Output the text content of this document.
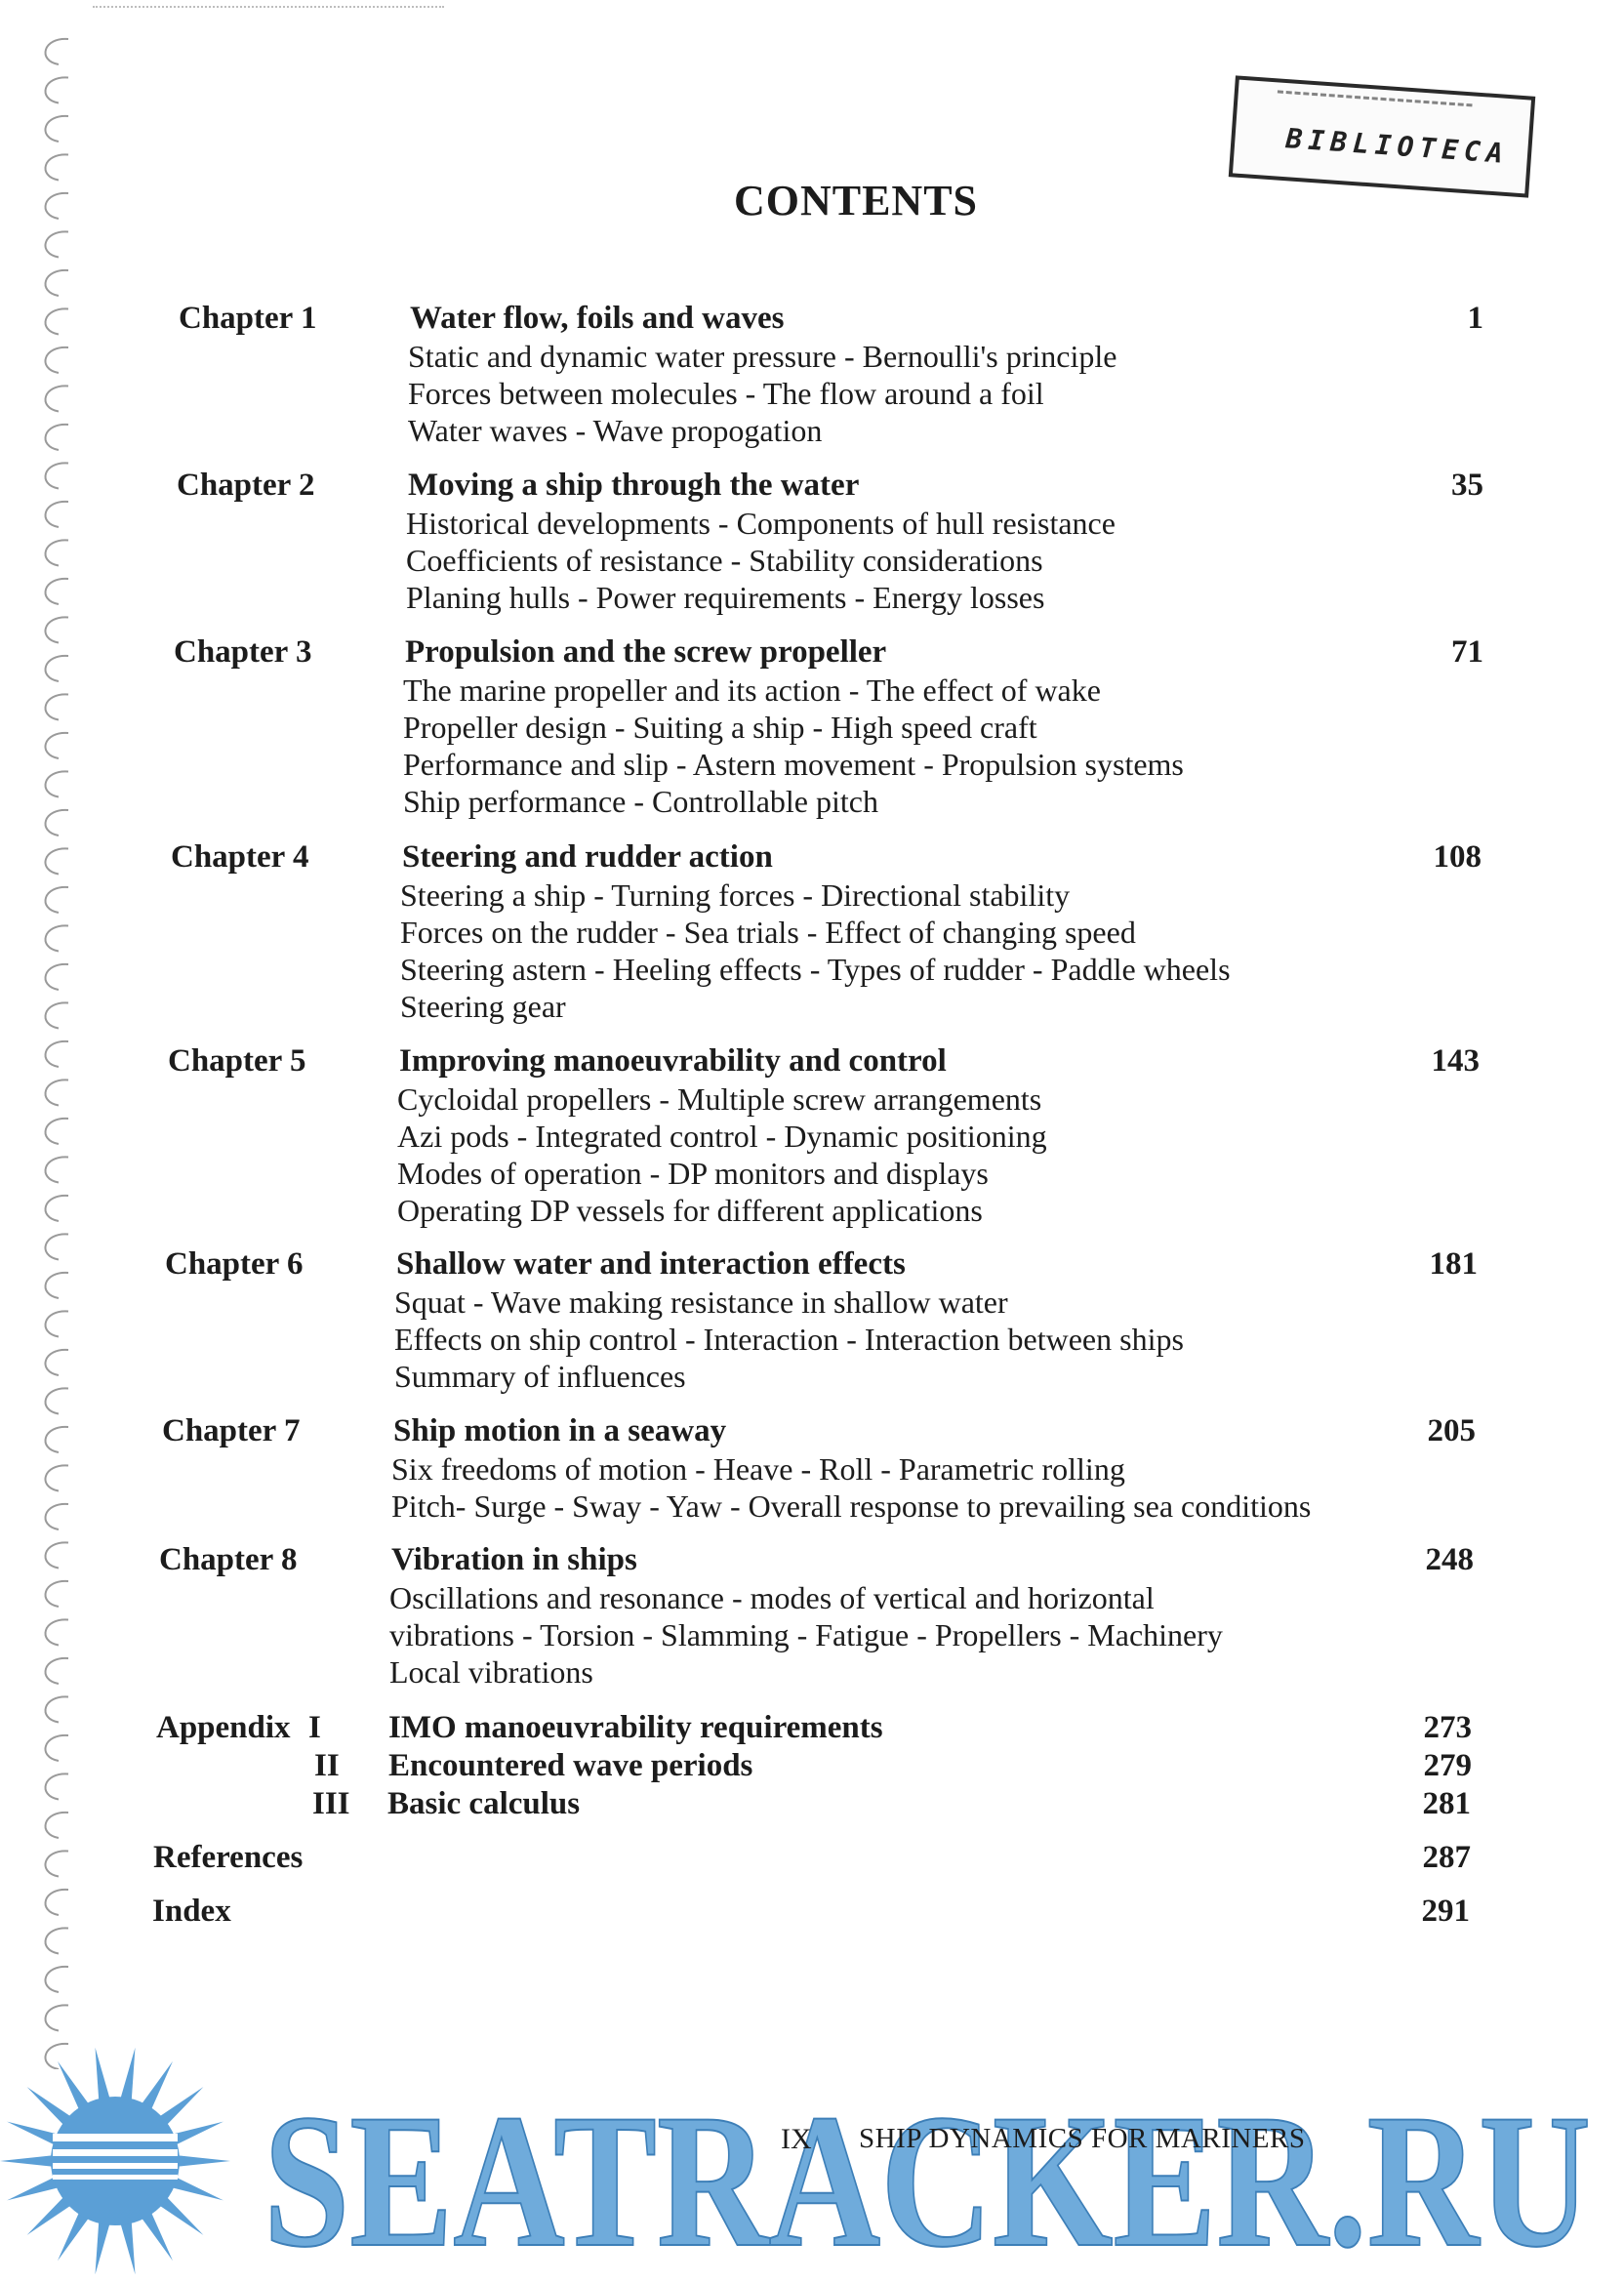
BIBLIOTECA
CONTENTS
Chapter 1	Water flow, foils and waves	1
Static and dynamic water pressure - Bernoulli's principle
Forces between molecules - The flow around a foil
Water waves - Wave propogation
Chapter 2	Moving a ship through the water	35
Historical developments - Components of hull resistance
Coefficients of resistance - Stability considerations
Planing hulls - Power requirements - Energy losses
Chapter 3	Propulsion and the screw propeller	71
The marine propeller and its action - The effect of wake
Propeller design - Suiting a ship - High speed craft
Performance and slip - Astern movement - Propulsion systems
Ship performance - Controllable pitch
Chapter 4	Steering and rudder action	108
Steering a ship - Turning forces - Directional stability
Forces on the rudder - Sea trials - Effect of changing speed
Steering astern - Heeling effects - Types of rudder - Paddle wheels
Steering gear
Chapter 5	Improving manoeuvrability and control	143
Cycloidal propellers - Multiple screw arrangements
Azi pods - Integrated control - Dynamic positioning
Modes of operation - DP monitors and displays
Operating DP vessels for different applications
Chapter 6	Shallow water and interaction effects	181
Squat - Wave making resistance in shallow water
Effects on ship control - Interaction - Interaction between ships
Summary of influences
Chapter 7	Ship motion in a seaway	205
Six freedoms of motion - Heave - Roll - Parametric rolling
Pitch- Surge - Sway - Yaw - Overall response to prevailing sea conditions
Chapter 8	Vibration in ships	248
Oscillations and resonance - modes of vertical and horizontal
vibrations - Torsion - Slamming - Fatigue - Propellers - Machinery
Local vibrations
Appendix I IMO manoeuvrability requirements	273
II Encountered wave periods	279
III Basic calculus	281
References	287
Index	291
SEATRACKER.RU
IX SHIP DYNAMICS FOR MARINERS
